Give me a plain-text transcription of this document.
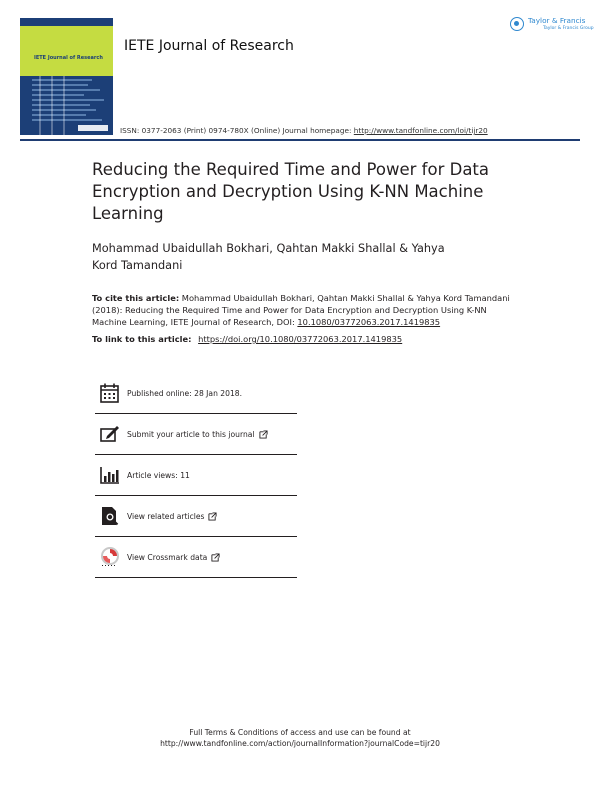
IETE Journal of Research
IETE Journal of Research
ISSN: 0377-2063 (Print) 0974-780X (Online) Journal homepage: http://www.tandfonline.com/loi/tijr20
Taylor & Francis
Taylor & Francis Group
Reducing the Required Time and Power for Data Encryption and Decryption Using K-NN Machine Learning
Mohammad Ubaidullah Bokhari, Qahtan Makki Shallal & Yahya Kord Tamandani
To cite this article: Mohammad Ubaidullah Bokhari, Qahtan Makki Shallal & Yahya Kord Tamandani (2018): Reducing the Required Time and Power for Data Encryption and Decryption Using K-NN Machine Learning, IETE Journal of Research, DOI: 10.1080/03772063.2017.1419835
To link to this article: https://doi.org/10.1080/03772063.2017.1419835
Published online: 28 Jan 2018.
Submit your article to this journal
Article views: 11
View related articles
View Crossmark data
Full Terms & Conditions of access and use can be found at
http://www.tandfonline.com/action/journalInformation?journalCode=tijr20
